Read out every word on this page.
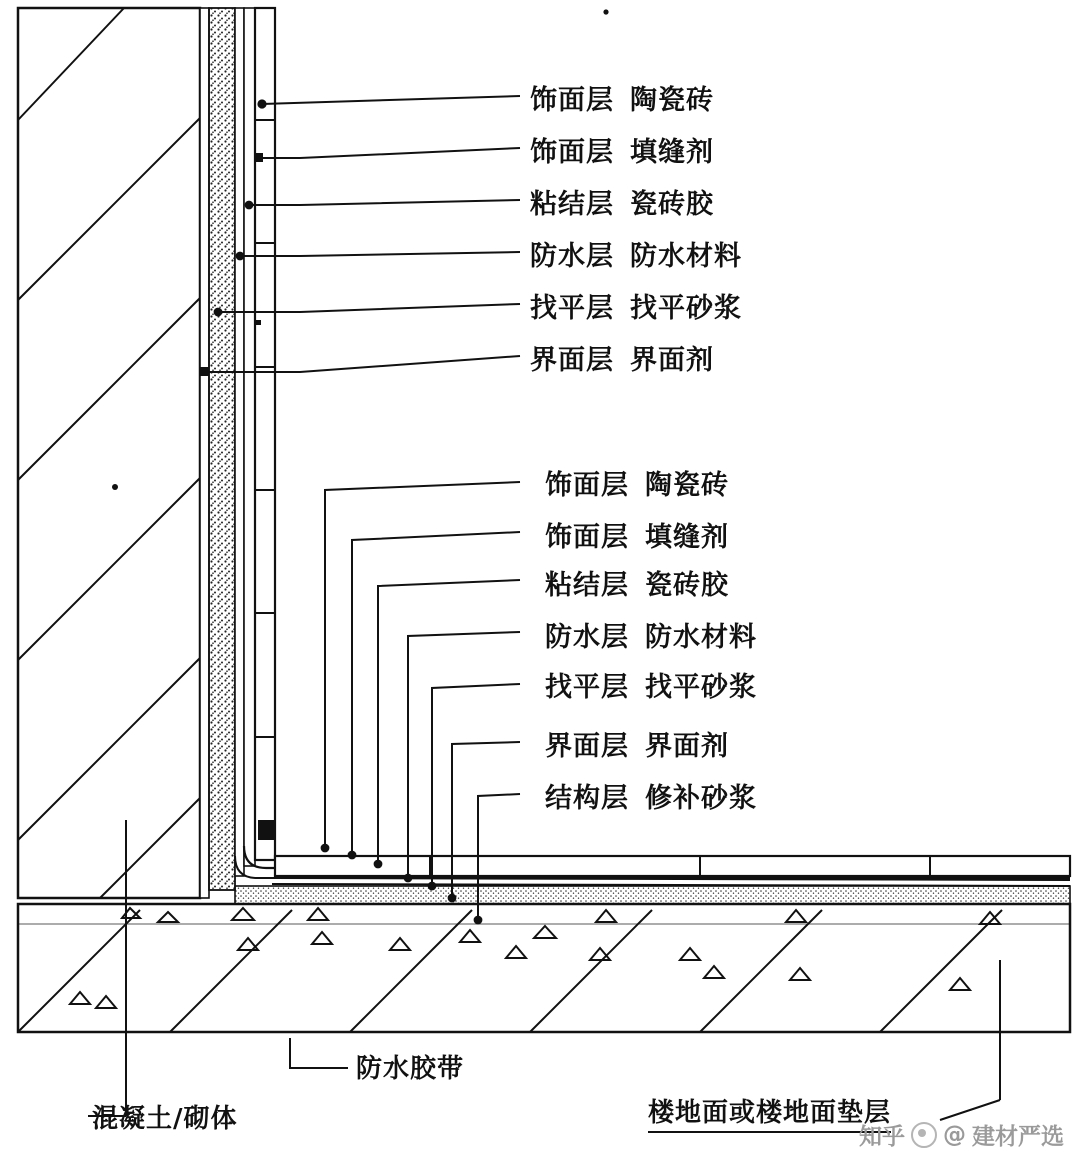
饰面层 陶瓷砖
饰面层 填缝剂
粘结层 瓷砖胶
防水层 防水材料
找平层 找平砂浆
界面层 界面剂
饰面层 陶瓷砖
饰面层 填缝剂
粘结层 瓷砖胶
防水层 防水材料
找平层 找平砂浆
界面层 界面剂
结构层 修补砂浆
防水胶带
混凝土/砌体	楼地面或楼地面垫层
知乎 @ 建材严选
